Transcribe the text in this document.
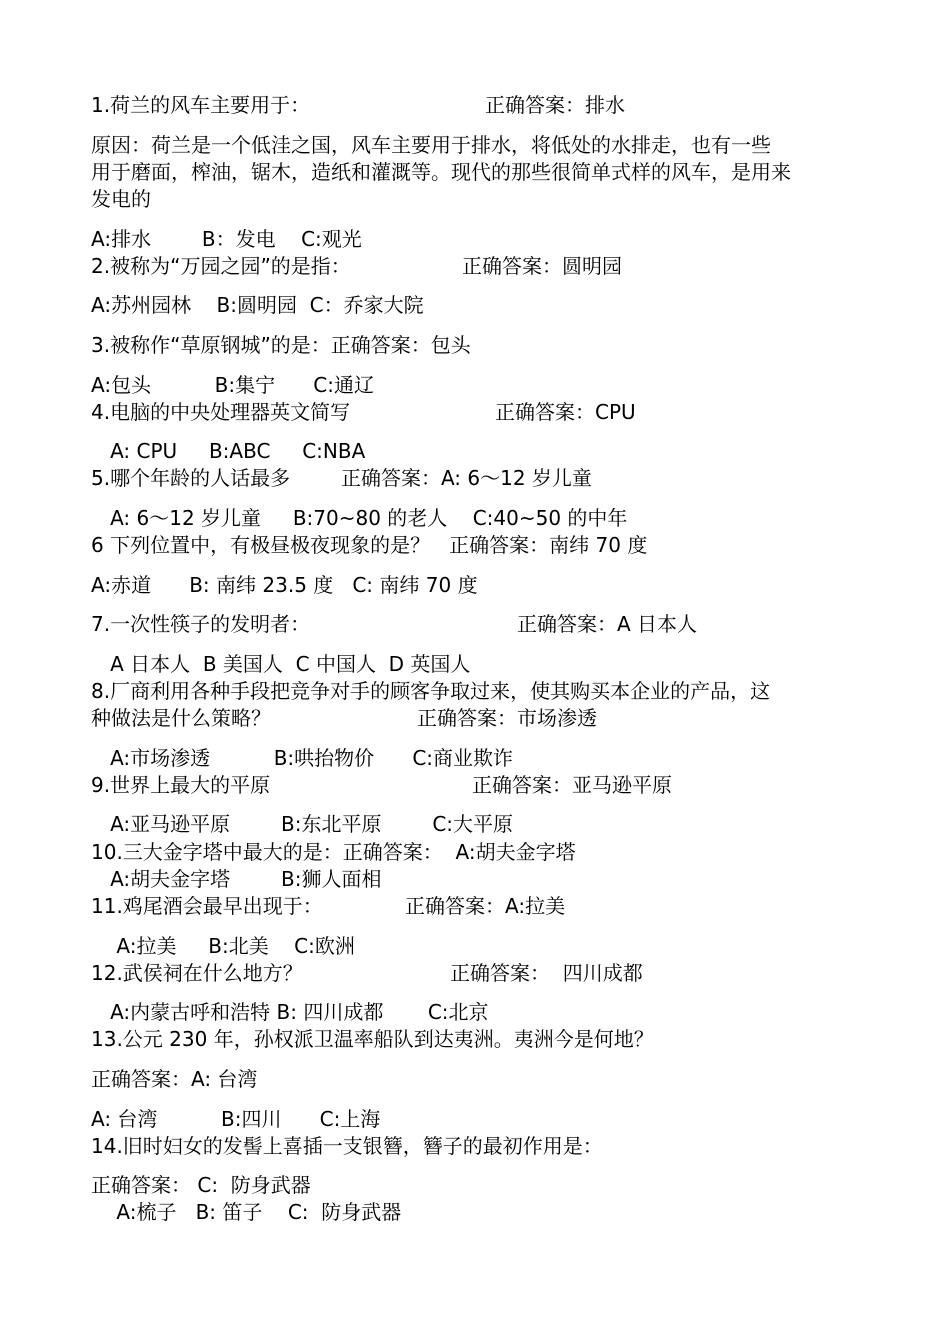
1.荷兰的风车主要用于：	正确答案：排水
原因：荷兰是一个低洼之国，风车主要用于排水，将低处的水排走，也有一些
用于磨面，榨油，锯木，造纸和灌溉等。现代的那些很简单式样的风车，是用来
发电的
A:排水        B：发电    C:观光
2.被称为“万园之园”的是指：	正确答案：圆明园
A:苏州园林    B:圆明园  C：乔家大院
3.被称作“草原钢城”的是：正确答案：包头
A:包头          B:集宁      C:通辽
4.电脑的中央处理器英文简写	正确答案：CPU
A: CPU     B:ABC     C:NBA
5.哪个年龄的人话最多        正确答案：A: 6～12 岁儿童
A: 6～12 岁儿童     B:70~80 的老人    C:40~50 的中年
6 下列位置中，有极昼极夜现象的是？   正确答案：南纬 70 度
A:赤道      B: 南纬 23.5 度   C: 南纬 70 度
7.一次性筷子的发明者：	正确答案：A 日本人
A 日本人  B 美国人  C 中国人  D 英国人
8.厂商利用各种手段把竞争对手的顾客争取过来，使其购买本企业的产品，这
种做法是什么策略？	正确答案：市场渗透
A:市场渗透          B:哄抬物价      C:商业欺诈
9.世界上最大的平原	正确答案：亚马逊平原
A:亚马逊平原        B:东北平原        C:大平原
10.三大金字塔中最大的是：正确答案：  A:胡夫金字塔
A:胡夫金字塔        B:狮人面相
11.鸡尾酒会最早出现于：	正确答案：A:拉美
A:拉美     B:北美    C:欧洲
12.武侯祠在什么地方？	正确答案：  四川成都
A:内蒙古呼和浩特 B: 四川成都       C:北京
13.公元 230 年，孙权派卫温率船队到达夷洲。夷洲今是何地？
正确答案：A: 台湾
A: 台湾          B:四川      C:上海
14.旧时妇女的发髻上喜插一支银簪，簪子的最初作用是：
正确答案： C:  防身武器
A:梳子   B: 笛子    C:  防身武器
